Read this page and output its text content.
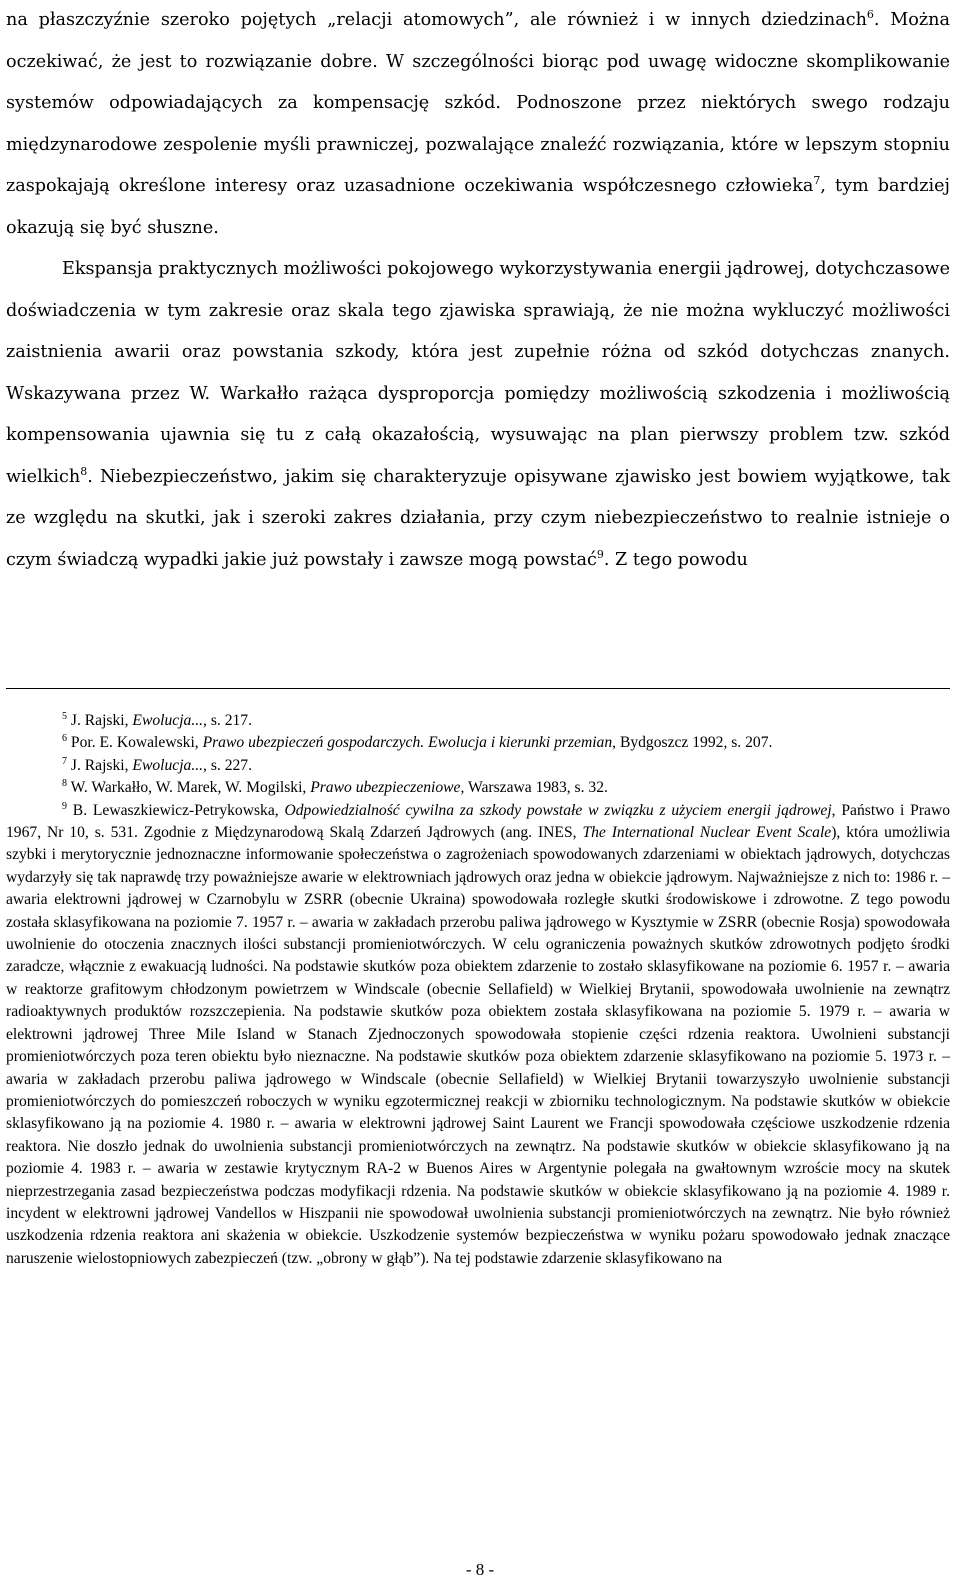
na płaszczyźnie szeroko pojętych „relacji atomowych”, ale również i w innych dziedzinach$^6$. Można oczekiwać, że jest to rozwiązanie dobre. W szczególności biorąc pod uwagę widoczne skomplikowanie systemów odpowiadających za kompensację szkód. Podnoszone przez niektórych swego rodzaju międzynarodowe zespolenie myśli prawniczej, pozwalające znaleźć rozwiązania, które w lepszym stopniu zaspokajają określone interesy oraz uzasadnione oczekiwania współczesnego człowieka$^7$, tym bardziej okazują się być słuszne.

Ekspansja praktycznych możliwości pokojowego wykorzystywania energii jądrowej, dotychczasowe doświadczenia w tym zakresie oraz skala tego zjawiska sprawiają, że nie można wykluczyć możliwości zaistnienia awarii oraz powstania szkody, która jest zupełnie różna od szkód dotychczas znanych. Wskazywana przez W. Warkałło rażąca dysproporcja pomiędzy możliwością szkodzenia i możliwością kompensowania ujawnia się tu z całą okazałością, wysuwając na plan pierwszy problem tzw. szkód wielkich$^8$. Niebezpieczeństwo, jakim się charakteryzuje opisywane zjawisko jest bowiem wyjątkowe, tak ze względu na skutki, jak i szeroki zakres działania, przy czym niebezpieczeństwo to realnie istnieje o czym świadczą wypadki jakie już powstały i zawsze mogą powstać$^9$. Z tego powodu

$^5$ J. Rajski, Ewolucja..., s. 217.

$^6$ Por. E. Kowalewski, Prawo ubezpieczeń gospodarczych. Ewolucja i kierunki przemian, Bydgoszcz 1992, s. 207.

$^7$ J. Rajski, Ewolucja..., s. 227.

$^8$ W. Warkałło, W. Marek, W. Mogilski, Prawo ubezpieczeniowe, Warszawa 1983, s. 32.

$^9$ B. Lewaszkiewicz-Petrykowska, Odpowiedzialność cywilna za szkody powstałe w związku z użyciem energii jądrowej, Państwo i Prawo 1967, Nr 10, s. 531. Zgodnie z Międzynarodową Skalą Zdarzeń Jądrowych (ang. INES, The International Nuclear Event Scale), która umożliwia szybki i merytorycznie jednoznaczne informowanie społeczeństwa o zagrożeniach spowodowanych zdarzeniami w obiektach jądrowych, dotychczas wydarzyły się tak naprawdę trzy poważniejsze awarie w elektrowniach jądrowych oraz jedna w obiekcie jądrowym. Najważniejsze z nich to: 1986 r. – awaria elektrowni jądrowej w Czarnobylu w ZSRR (obecnie Ukraina) spowodowała rozległe skutki środowiskowe i zdrowotne. Z tego powodu została sklasyfikowana na poziomie 7. 1957 r. – awaria w zakładach przerobu paliwa jądrowego w Kysztymie w ZSRR (obecnie Rosja) spowodowała uwolnienie do otoczenia znacznych ilości substancji promieniotwórczych. W celu ograniczenia poważnych skutków zdrowotnych podjęto środki zaradcze, włącznie z ewakuacją ludności. Na podstawie skutków poza obiektem zdarzenie to zostało sklasyfikowane na poziomie 6. 1957 r. – awaria w reaktorze grafitowym chłodzonym powietrzem w Windscale (obecnie Sellafield) w Wielkiej Brytanii, spowodowała uwolnienie na zewnątrz radioaktywnych produktów rozszczepienia. Na podstawie skutków poza obiektem została sklasyfikowana na poziomie 5. 1979 r. – awaria w elektrowni jądrowej Three Mile Island w Stanach Zjednoczonych spowodowała stopienie części rdzenia reaktora. Uwolnieni substancji promieniotwórczych poza teren obiektu było nieznaczne. Na podstawie skutków poza obiektem zdarzenie sklasyfikowano na poziomie 5. 1973 r. – awaria w zakładach przerobu paliwa jądrowego w Windscale (obecnie Sellafield) w Wielkiej Brytanii towarzyszyło uwolnienie substancji promieniotwórczych do pomieszczeń roboczych w wyniku egzotermicznej reakcji w zbiorniku technologicznym. Na podstawie skutków w obiekcie sklasyfikowano ją na poziomie 4. 1980 r. – awaria w elektrowni jądrowej Saint Laurent we Francji spowodowała częściowe uszkodzenie rdzenia reaktora. Nie doszło jednak do uwolnienia substancji promieniotwórczych na zewnątrz. Na podstawie skutków w obiekcie sklasyfikowano ją na poziomie 4. 1983 r. – awaria w zestawie krytycznym RA-2 w Buenos Aires w Argentynie polegała na gwałtownym wzroście mocy na skutek nieprzestrzegania zasad bezpieczeństwa podczas modyfikacji rdzenia. Na podstawie skutków w obiekcie sklasyfikowano ją na poziomie 4. 1989 r. incydent w elektrowni jądrowej Vandellos w Hiszpanii nie spowodował uwolnienia substancji promieniotwórczych na zewnątrz. Nie było również uszkodzenia rdzenia reaktora ani skażenia w obiekcie. Uszkodzenie systemów bezpieczeństwa w wyniku pożaru spowodowało jednak znaczące naruszenie wielostopniowych zabezpieczeń (tzw. „obrony w głąb”). Na tej podstawie zdarzenie sklasyfikowano na

- 8 -
